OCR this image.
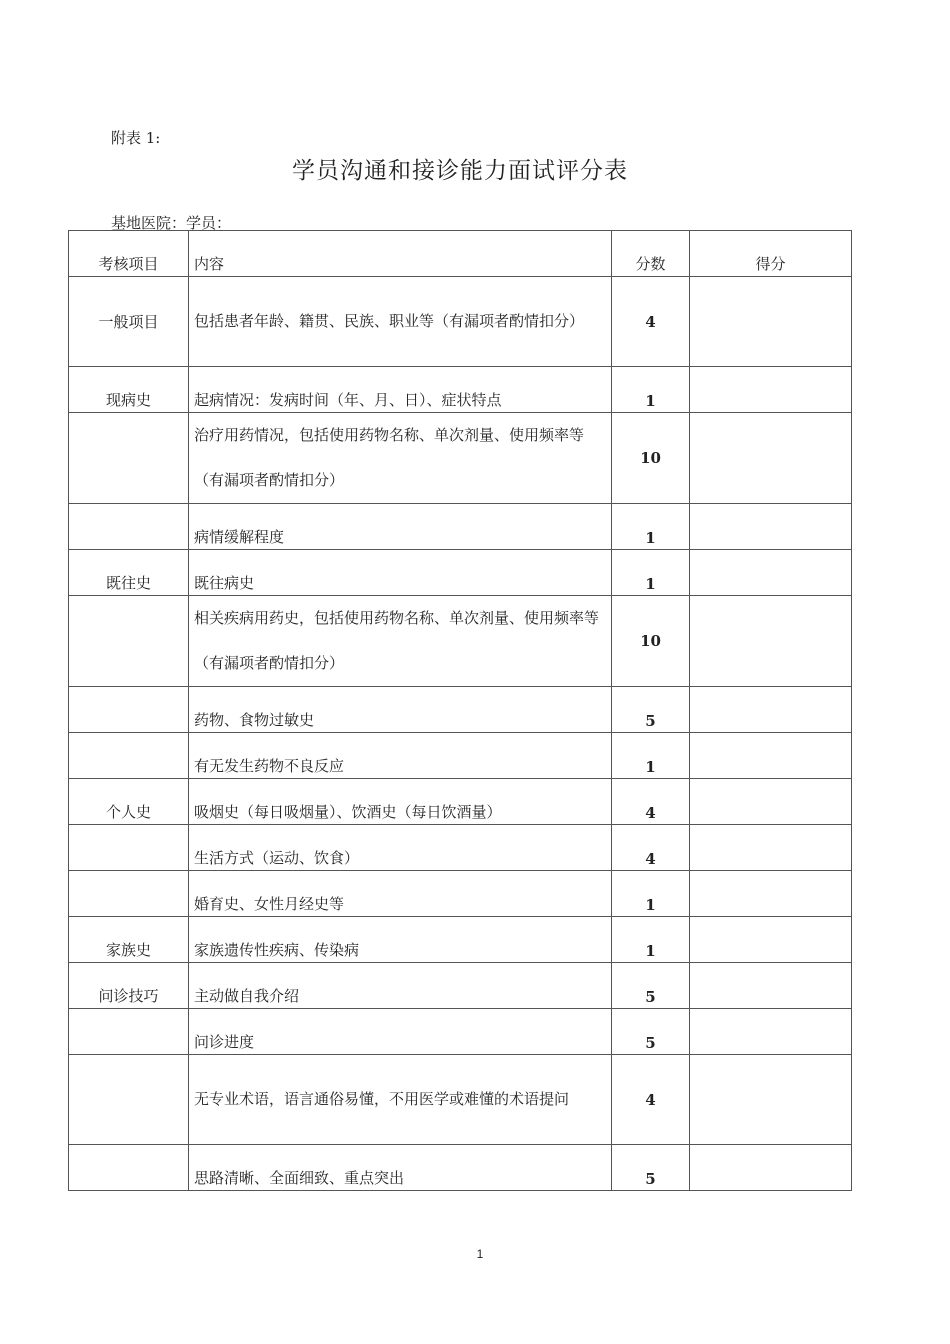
附表 1:
学员沟通和接诊能力面试评分表
基地医院：学员：
考核项目	内容	分数	得分
一般项目	包括患者年龄、籍贯、民族、职业等（有漏项者酌情扣分）	4	
现病史	起病情况：发病时间（年、月、日）、症状特点	1	
	治疗用药情况，包括使用药物名称、单次剂量、使用频率等（有漏项者酌情扣分）	10	
	病情缓解程度	1	
既往史	既往病史	1	
	相关疾病用药史，包括使用药物名称、单次剂量、使用频率等（有漏项者酌情扣分）	10	
	药物、食物过敏史	5	
	有无发生药物不良反应	1	
个人史	吸烟史（每日吸烟量）、饮酒史（每日饮酒量）	4	
	生活方式（运动、饮食）	4	
	婚育史、女性月经史等	1	
家族史	家族遗传性疾病、传染病	1	
问诊技巧	主动做自我介绍	5	
	问诊进度	5	
	无专业术语，语言通俗易懂，不用医学或难懂的术语提问	4	
	思路清晰、全面细致、重点突出	5	
1
